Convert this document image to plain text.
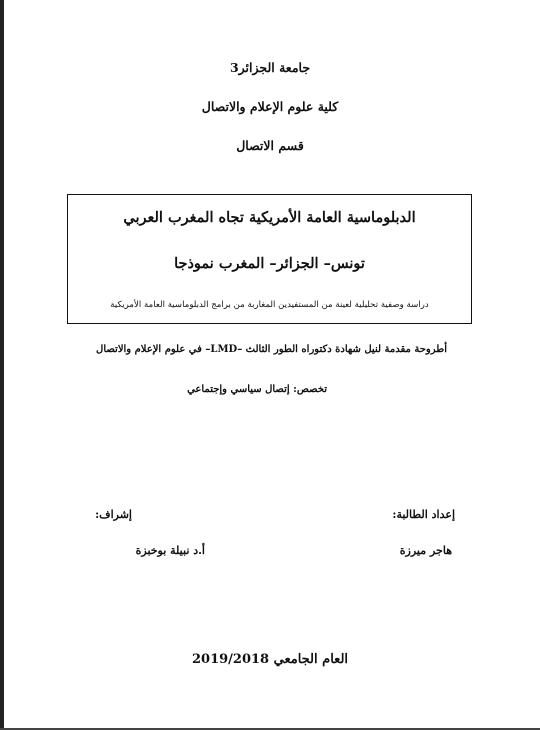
جامعة الجزائر3
كلية علوم الإعلام والاتصال
قسم الاتصال
الدبلوماسية العامة الأمريكية تجاه المغرب العربي
تونس– الجزائر– المغرب نموذجا
دراسة وصفية تحليلية لعينة من المستفيدين المغاربة من برامج الدبلوماسية العامة الأمريكية
أطروحة مقدمة لنيل شهادة دكتوراه الطور الثالث –LMD– في علوم الإعلام والاتصال
تخصص: إتصال سياسي وإجتماعي
إعداد الطالبة:
إشراف:
هاجر ميرزة
أ.د نبيلة بوخبزة
العام الجامعي 2019/2018
